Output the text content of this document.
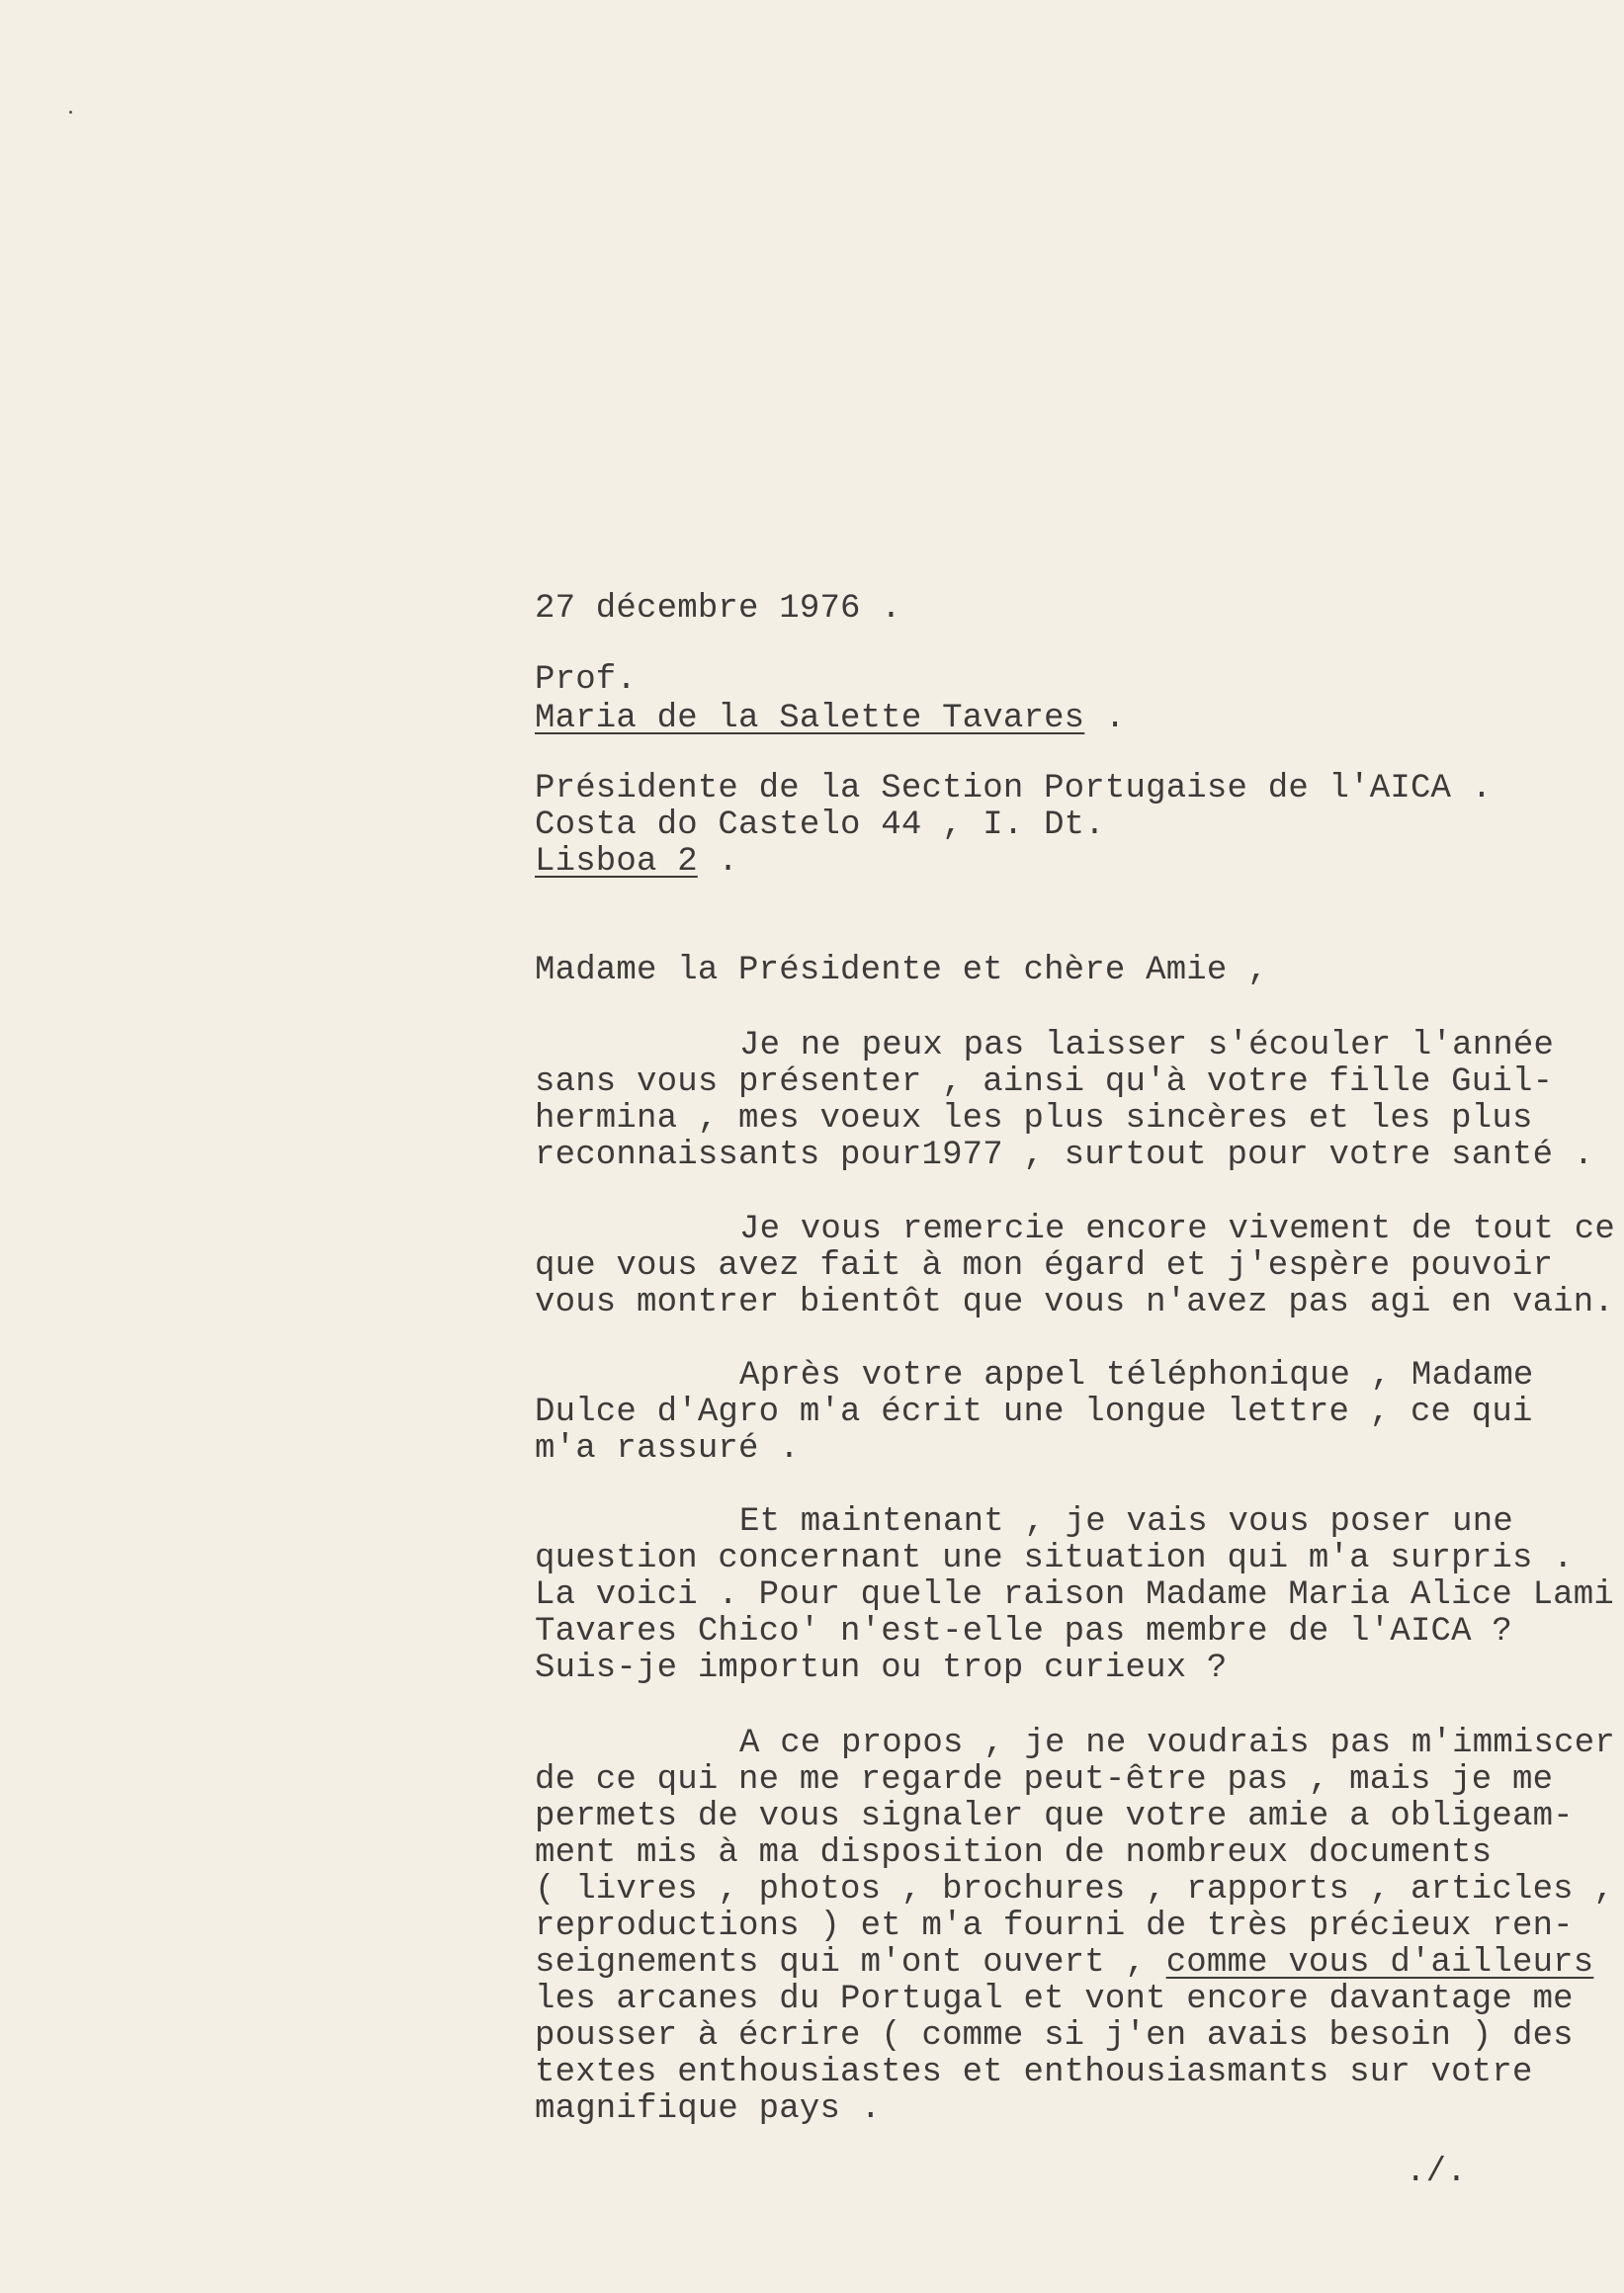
27 décembre 1976 .
Prof.
Maria de la Salette Tavares .
Présidente de la Section Portugaise de l'AICA .
Costa do Castelo 44 , I. Dt.
Lisboa 2 .
Madame la Présidente et chère Amie ,
Je ne peux pas laisser s'écouler l'année
sans vous présenter , ainsi qu'à votre fille Guil-
hermina , mes voeux les plus sincères et les plus
reconnaissants pour1977 , surtout pour votre santé .
Je vous remercie encore vivement de tout ce
que vous avez fait à mon égard et j'espère pouvoir
vous montrer bientôt que vous n'avez pas agi en vain.
Après votre appel téléphonique , Madame
Dulce d'Agro m'a écrit une longue lettre , ce qui
m'a rassuré .
Et maintenant , je vais vous poser une
question concernant une situation qui m'a surpris .
La voici . Pour quelle raison Madame Maria Alice Lami
Tavares Chico' n'est-elle pas membre de l'AICA ?
Suis-je importun ou trop curieux ?
A ce propos , je ne voudrais pas m'immiscer
de ce qui ne me regarde peut-être pas , mais je me
permets de vous signaler que votre amie a obligeam-
ment mis à ma disposition de nombreux documents
( livres , photos , brochures , rapports , articles ,
reproductions ) et m'a fourni de très précieux ren-
seignements qui m'ont ouvert , comme vous d'ailleurs
les arcanes du Portugal et vont encore davantage me
pousser à écrire ( comme si j'en avais besoin ) des
textes enthousiastes et enthousiasmants sur votre
magnifique pays .
./.
